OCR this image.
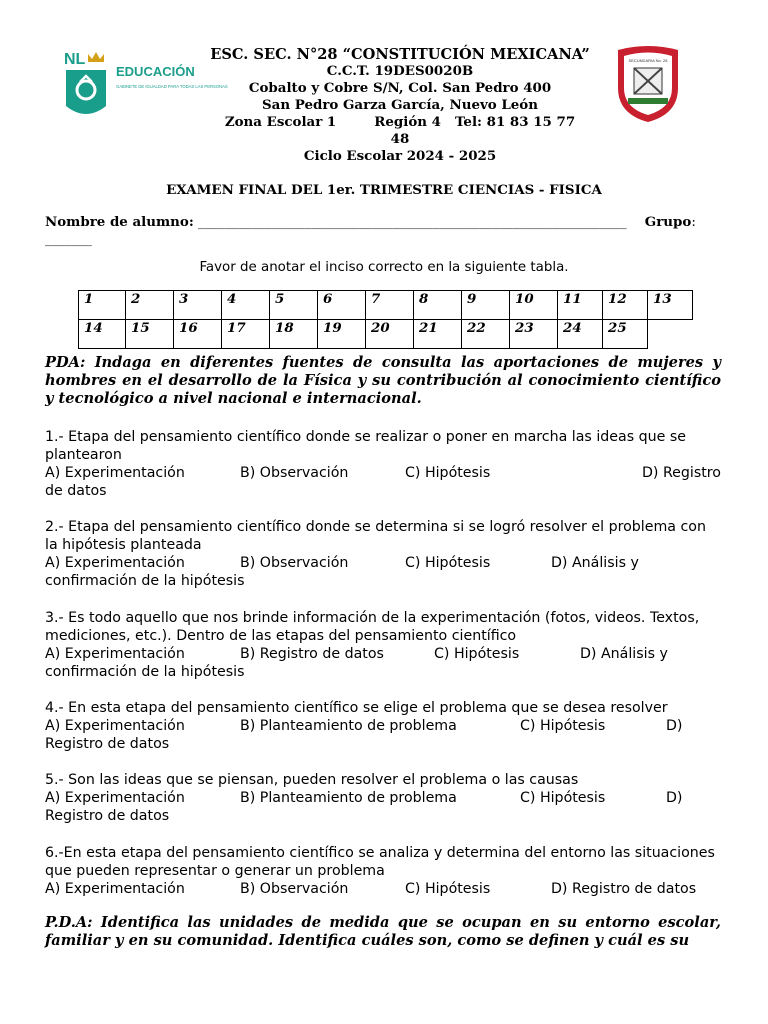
NL
EDUCACIÓN
GABINETE DE IGUALDAD PARA TODAS LAS PERSONAS
SECUNDARIA No. 28
ESC. SEC. N°28 “CONSTITUCIÓN MEXICANA”
C.C.T. 19DES0020B
Cobalto y Cobre S/N, Col. San Pedro 400
San Pedro Garza García, Nuevo León
Zona Escolar 1	Región 4 Tel: 81 83 15 77
48
Ciclo Escolar 2024 - 2025
EXAMEN FINAL DEL 1er. TRIMESTRE CIENCIAS - FISICA
Nombre de alumno: ________________________________________________________________ Grupo: _______
Favor de anotar el inciso correcto en la siguiente tabla.
1	2	3	4	5	6	7	8	9	10	11	12	13
14	15	16	17	18	19	20	21	22	23	24	25	
PDA: Indaga en diferentes fuentes de consulta las aportaciones de mujeres y hombres en el desarrollo de la Física y su contribución al conocimiento científico y tecnológico a nivel nacional e internacional.
1.- Etapa del pensamiento científico donde se realizar o poner en marcha las ideas que se plantearon
A) Experimentación	B) Observación	C) Hipótesis	D) Registro
de datos
2.- Etapa del pensamiento científico donde se determina si se logró resolver el problema con la hipótesis planteada
A) Experimentación	B) Observación	C) Hipótesis	D) Análisis y
confirmación de la hipótesis
3.- Es todo aquello que nos brinde información de la experimentación (fotos, videos. Textos, mediciones, etc.). Dentro de las etapas del pensamiento científico
A) Experimentación	B) Registro de datos	C) Hipótesis	D) Análisis y
confirmación de la hipótesis
4.- En esta etapa del pensamiento científico se elige el problema que se desea resolver
A) Experimentación	B) Planteamiento de problema	C) Hipótesis	D)
Registro de datos
5.- Son las ideas que se piensan, pueden resolver el problema o las causas
A) Experimentación	B) Planteamiento de problema	C) Hipótesis	D)
Registro de datos
6.-En esta etapa del pensamiento científico se analiza y determina del entorno las situaciones que pueden representar o generar un problema
A) Experimentación	B) Observación	C) Hipótesis	D) Registro de datos
P.D.A: Identifica las unidades de medida que se ocupan en su entorno escolar, familiar y en su comunidad. Identifica cuáles son, como se definen y cuál es su
